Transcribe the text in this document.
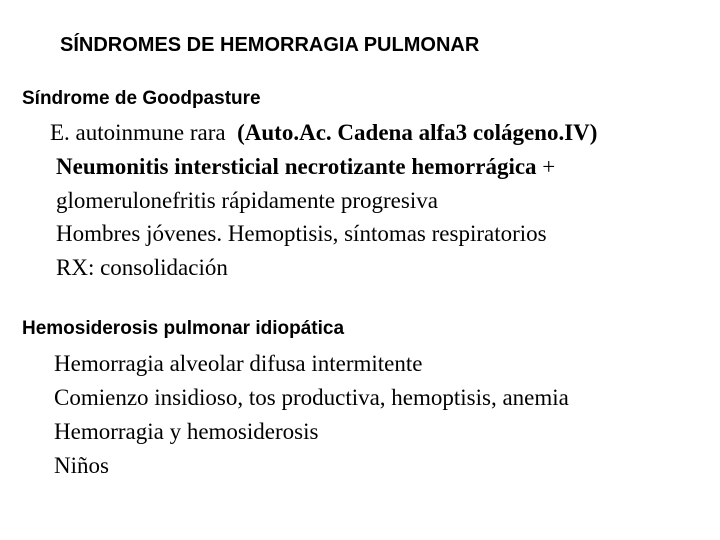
SÍNDROMES DE HEMORRAGIA PULMONAR
Síndrome de Goodpasture
E. autoinmune rara  (Auto.Ac. Cadena alfa3 colágeno.IV)
Neumonitis intersticial necrotizante hemorrágica +
glomerulonefritis rápidamente progresiva
Hombres jóvenes. Hemoptisis, síntomas respiratorios
RX: consolidación
Hemosiderosis pulmonar idiopática
Hemorragia alveolar difusa intermitente
Comienzo insidioso, tos productiva, hemoptisis, anemia
Hemorragia y hemosiderosis
Niños
